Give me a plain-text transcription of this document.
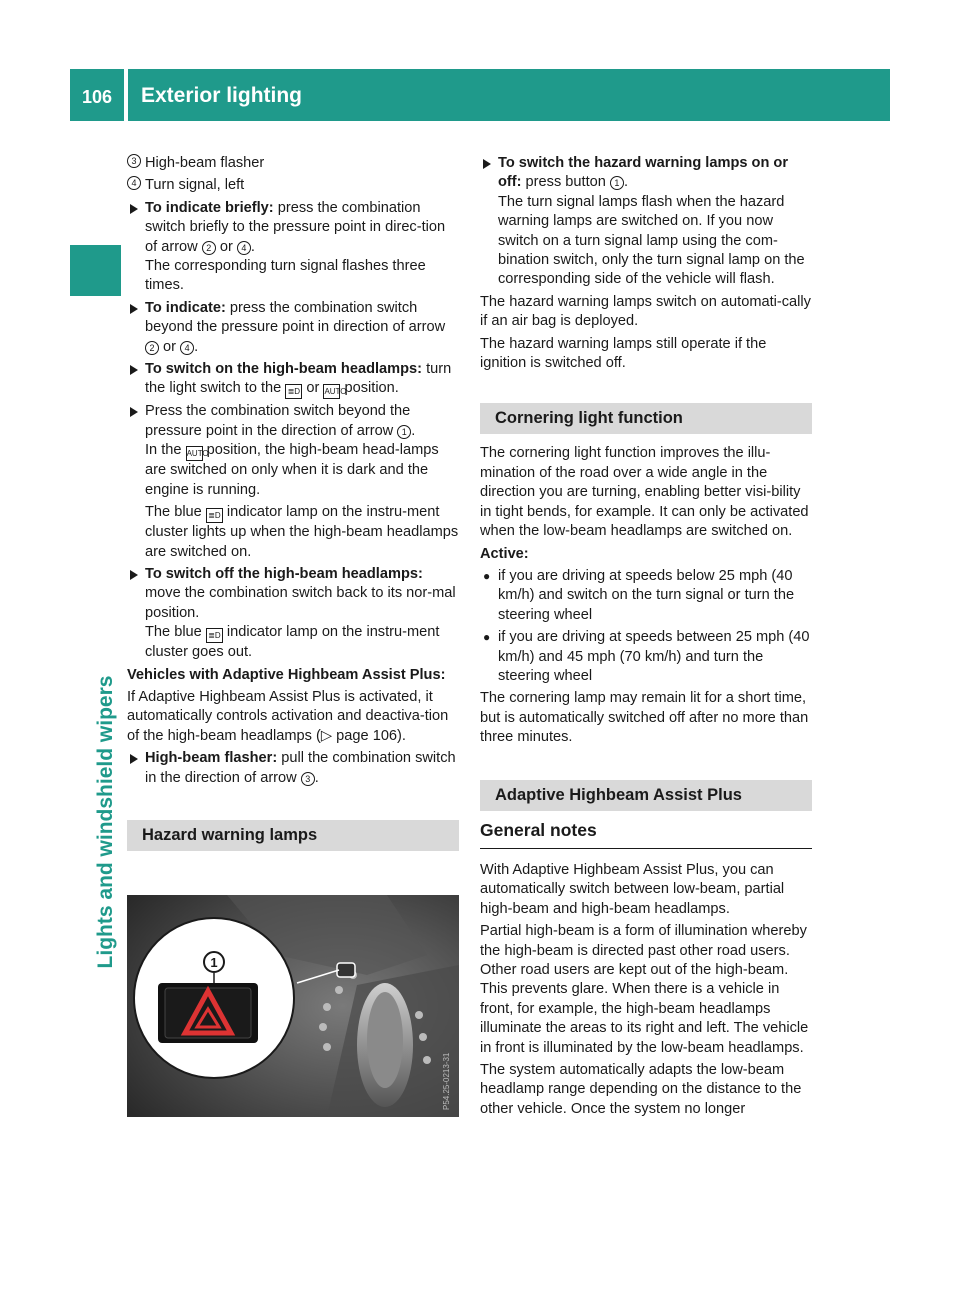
106 Exterior lighting
Lights and windshield wipers

3 High-beam flasher

4 Turn signal, left

To indicate briefly: press the combination switch briefly to the pressure point in direc-tion of arrow 2 or 4 .
The corresponding turn signal flashes three times.

To indicate: press the combination switch beyond the pressure point in direction of arrow 2 or 4 .

To switch on the high-beam headlamps: turn the light switch to the ≣D or AUTO position.

Press the combination switch beyond the pressure point in the direction of arrow 1 .
In the AUTO position, the high-beam head-lamps are switched on only when it is dark and the engine is running.

The blue ≣D indicator lamp on the instru-ment cluster lights up when the high-beam headlamps are switched on.

To switch off the high-beam headlamps: move the combination switch back to its nor-mal position.
The blue ≣D indicator lamp on the instru-ment cluster goes out.

Vehicles with Adaptive Highbeam Assist Plus:

If Adaptive Highbeam Assist Plus is activated, it automatically controls activation and deactiva-tion of the high-beam headlamps (▷ page 106).

High-beam flasher: pull the combination switch in the direction of arrow 3 .

Hazard warning lamps
1
P54.25-0213-31

To switch the hazard warning lamps on or off: press button 1 .
The turn signal lamps flash when the hazard warning lamps are switched on. If you now switch on a turn signal lamp using the com-bination switch, only the turn signal lamp on the corresponding side of the vehicle will flash.

The hazard warning lamps switch on automati-cally if an air bag is deployed.

The hazard warning lamps still operate if the ignition is switched off.

Cornering light function

The cornering light function improves the illu-mination of the road over a wide angle in the direction you are turning, enabling better visi-bility in tight bends, for example. It can only be activated when the low-beam headlamps are switched on.

Active:

● if you are driving at speeds below 25 mph (40 km/h) and switch on the turn signal or turn the steering wheel

● if you are driving at speeds between 25 mph (40 km/h) and 45 mph (70 km/h) and turn the steering wheel

The cornering lamp may remain lit for a short time, but is automatically switched off after no more than three minutes.

Adaptive Highbeam Assist Plus
General notes

With Adaptive Highbeam Assist Plus, you can automatically switch between low-beam, partial high-beam and high-beam headlamps.

Partial high-beam is a form of illumination whereby the high-beam is directed past other road users. Other road users are kept out of the high-beam. This prevents glare. When there is a vehicle in front, for example, the high-beam headlamps illuminate the areas to its right and left. The vehicle in front is illuminated by the low-beam headlamps.

The system automatically adapts the low-beam headlamp range depending on the distance to the other vehicle. Once the system no longer
